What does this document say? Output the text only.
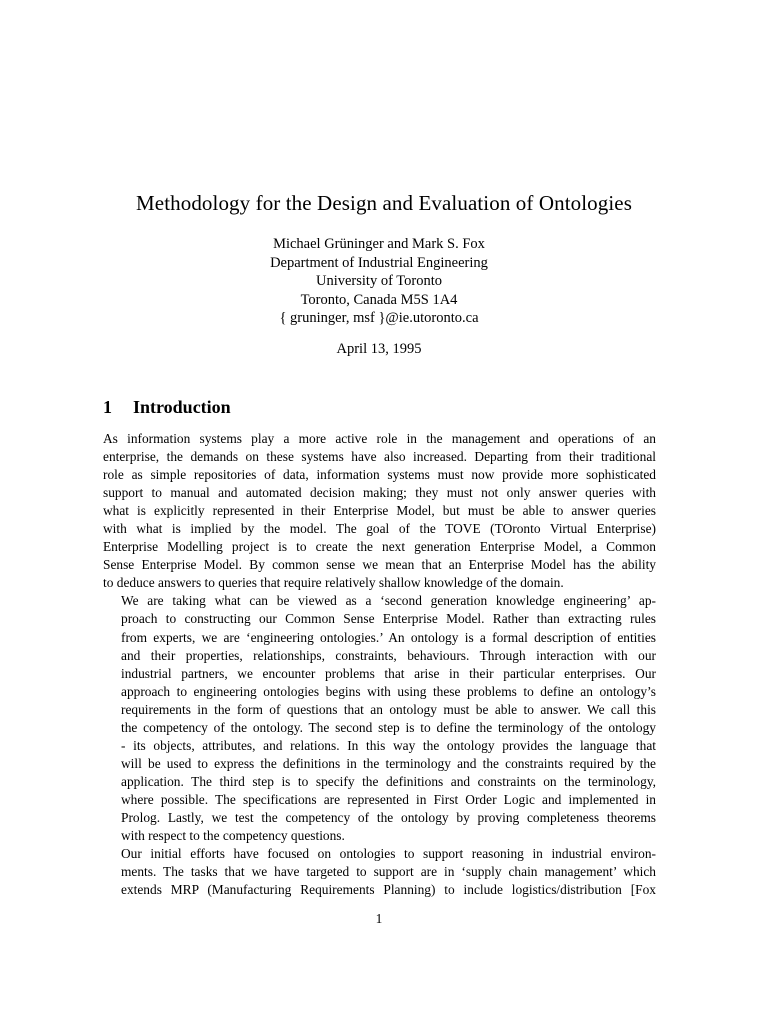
Methodology for the Design and Evaluation of Ontologies
Michael Grüninger and Mark S. Fox
Department of Industrial Engineering
University of Toronto
Toronto, Canada M5S 1A4
{ gruninger, msf }@ie.utoronto.ca
April 13, 1995
1 Introduction

As information systems play a more active role in the management and operations of an
enterprise, the demands on these systems have also increased. Departing from their traditional
role as simple repositories of data, information systems must now provide more sophisticated
support to manual and automated decision making; they must not only answer queries with
what is explicitly represented in their Enterprise Model, but must be able to answer queries
with what is implied by the model. The goal of the TOVE (TOronto Virtual Enterprise)
Enterprise Modelling project is to create the next generation Enterprise Model, a Common
Sense Enterprise Model. By common sense we mean that an Enterprise Model has the ability
to deduce answers to queries that require relatively shallow knowledge of the domain.

We are taking what can be viewed as a ‘second generation knowledge engineering’ ap-
proach to constructing our Common Sense Enterprise Model. Rather than extracting rules
from experts, we are ‘engineering ontologies.’ An ontology is a formal description of entities
and their properties, relationships, constraints, behaviours. Through interaction with our
industrial partners, we encounter problems that arise in their particular enterprises. Our
approach to engineering ontologies begins with using these problems to define an ontology’s
requirements in the form of questions that an ontology must be able to answer. We call this
the competency of the ontology. The second step is to define the terminology of the ontology
- its objects, attributes, and relations. In this way the ontology provides the language that
will be used to express the definitions in the terminology and the constraints required by the
application. The third step is to specify the definitions and constraints on the terminology,
where possible. The specifications are represented in First Order Logic and implemented in
Prolog. Lastly, we test the competency of the ontology by proving completeness theorems
with respect to the competency questions.

Our initial efforts have focused on ontologies to support reasoning in industrial environ-
ments. The tasks that we have targeted to support are in ‘supply chain management’ which
extends MRP (Manufacturing Requirements Planning) to include logistics/distribution [Fox

1
